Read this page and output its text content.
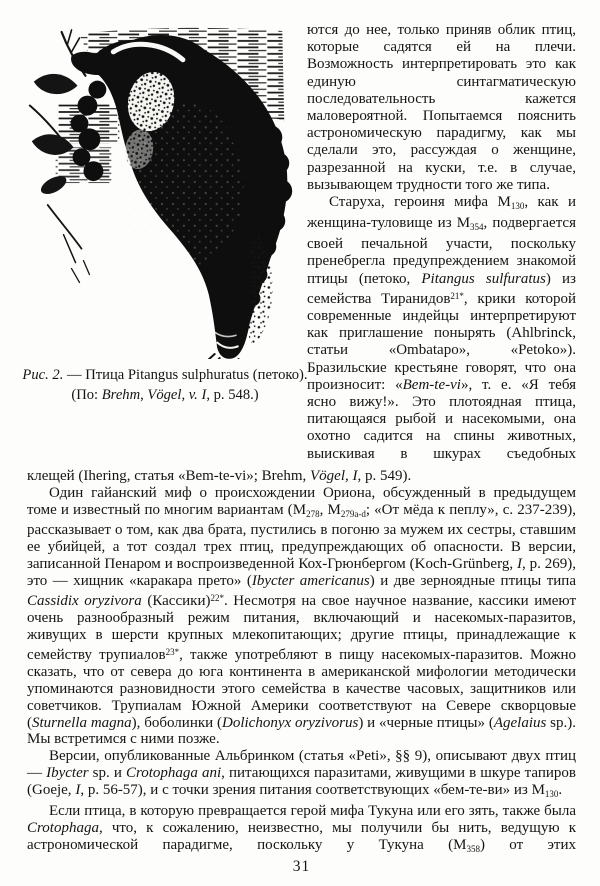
Рис. 2. — Птица Pitangus sulphuratus (петоко). (По: Brehm, Vögel, v. I, p. 548.)

ются до нее, только приняв облик птиц, которые садятся ей на плечи. Возможность интерпретировать это как единую синтагматическую последовательность кажется маловероятной. Попытаемся пояснить астрономическую парадигму, как мы сделали это, рассуждая о женщине, разрезанной на куски, т.е. в случае, вызывающем трудности того же типа.

Старуха, героиня мифа М130, как и женщина-туловище из М354, подвергается своей печальной участи, поскольку пренебрегла предупреждением знакомой птицы (петоко, Pitangus sulfuratus) из семейства Тиранидов$^{21*}$, крики которой современные индейцы интерпретируют как приглашение понырять (Ahlbrinck, статьи «Ombatapo», «Petoko»). Бразильские крестьяне говорят, что она произносит: «Bem-te-vi», т. е. «Я тебя ясно вижу!». Это плотоядная птица, питающаяся рыбой и насекомыми, она охотно садится на спины животных, выискивая в шкурах съедобных

клещей (Ihering, статья «Bem-te-vi»; Brehm, Vögel, I, p. 549).

Один гайанский миф о происхождении Ориона, обсужденный в предыдущем томе и известный по многим вариантам (М278, М279a-d; «От мёда к пеплу», с. 237-239), рассказывает о том, как два брата, пустились в погоню за мужем их сестры, ставшим ее убийцей, а тот создал трех птиц, предупреждающих об опасности. В версии, записанной Пенаром и воспроизведенной Кох-Грюнбергом (Koch-Grünberg, I, p. 269), это — хищник «каракара прето» (Ibycter americanus) и две зерноядные птицы типа Cassidix oryzivora (Кассики)$^{22*}$. Несмотря на свое научное название, кассики имеют очень разнообразный режим питания, включающий и насекомых-паразитов, живущих в шерсти крупных млекопитающих; другие птицы, принадлежащие к семейству трупиалов$^{23*}$, также употребляют в пищу насекомых-паразитов. Можно сказать, что от севера до юга континента в американской мифологии методически упоминаются разновидности этого семейства в качестве часовых, защитников или советчиков. Трупиалам Южной Америки соответствуют на Севере скворцовые (Sturnella magna), боболинки (Dolichonyx oryzivorus) и «черные птицы» (Agelaius sp.). Мы встретимся с ними позже.

Версии, опубликованные Альбринком (статья «Peti», §§ 9), описывают двух птиц — Ibycter sp. и Crotophaga ani, питающихся паразитами, живущими в шкуре тапиров (Goeje, I, p. 56-57), и с точки зрения питания соответствующих «бем-те-ви» из М130.

Если птица, в которую превращается герой мифа Тукуна или его зять, также была Crotophaga, что, к сожалению, неизвестно, мы получили бы нить, ведущую к астрономической парадигме, поскольку у Тукуна (М358) от этих

31
